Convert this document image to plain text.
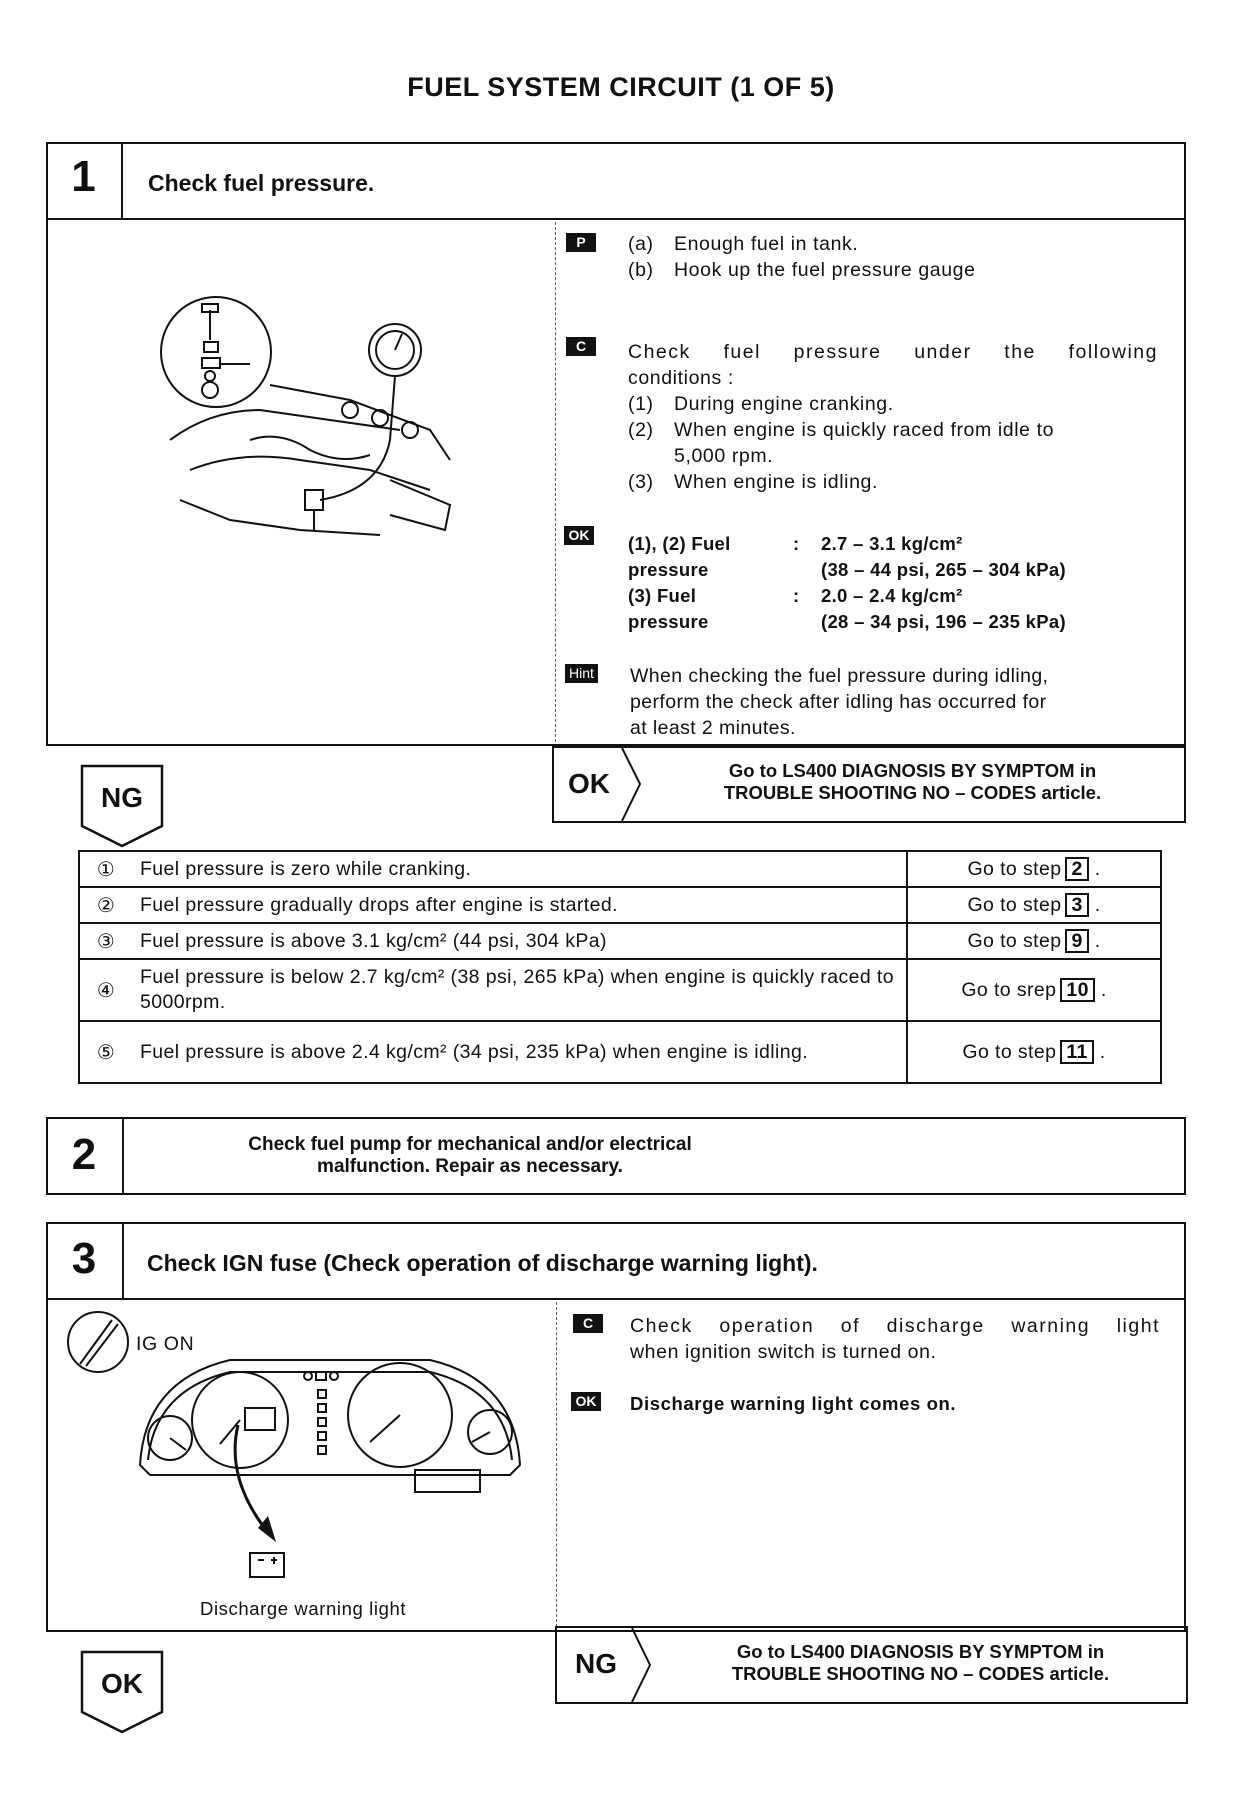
FUEL SYSTEM CIRCUIT (1 OF 5)
1	Check fuel pressure.
P	(a)	Enough fuel in tank.
(b)	Hook up the fuel pressure gauge
C	Check fuel pressure under the following
conditions :
(1)	During engine cranking.
(2)	When engine is quickly raced from idle to
5,000 rpm.
(3)	When engine is idling.
OK (1), (2) Fuel	:	2.7 – 3.1 kg/cm²
pressure	(38 – 44 psi, 265 – 304 kPa)
(3) Fuel	:	2.0 – 2.4 kg/cm²
pressure	(28 – 34 psi, 196 – 235 kPa)
Hint When checking the fuel pressure during idling,
perform the check after idling has occurred for
at least 2 minutes.
NG	OK	Go to LS400 DIAGNOSIS BY SYMPTOM in
TROUBLE SHOOTING NO – CODES article.
①	Fuel pressure is zero while cranking.	Go to step 2 .
②	Fuel pressure gradually drops after engine is started.	Go to step 3 .
③	Fuel pressure is above 3.1 kg/cm² (44 psi, 304 kPa)	Go to step 9 .
④	Fuel pressure is below 2.7 kg/cm² (38 psi, 265 kPa) when engine is quickly raced to 5000rpm.	Go to srep 10 .
⑤	Fuel pressure is above 2.4 kg/cm² (34 psi, 235 kPa) when engine is idling.	Go to step 11 .
2	Check fuel pump for mechanical and/or electrical
malfunction. Repair as necessary.
3	Check IGN fuse (Check operation of discharge warning light).
IG ON
Discharge warning light
C	Check operation of discharge warning light
when ignition switch is turned on.
OK Discharge warning light comes on.
OK
NG	Go to LS400 DIAGNOSIS BY SYMPTOM in
TROUBLE SHOOTING NO – CODES article.
